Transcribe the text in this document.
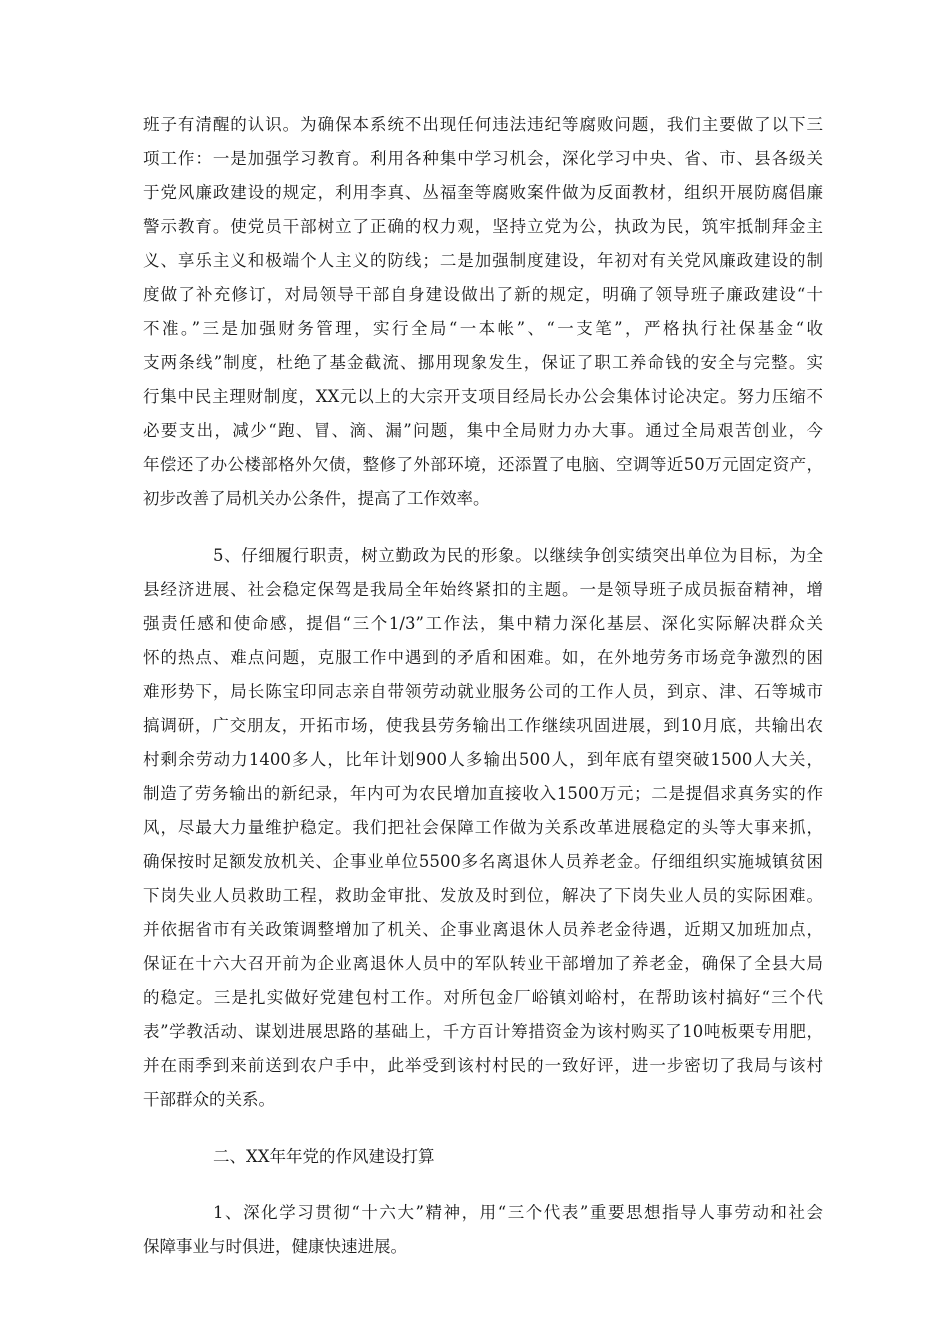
班子有清醒的认识。为确保本系统不出现任何违法违纪等腐败问题，我们主要做了以下三
项工作：一是加强学习教育。利用各种集中学习机会，深化学习中央、省、市、县各级关
于党风廉政建设的规定，利用李真、丛福奎等腐败案件做为反面教材，组织开展防腐倡廉
警示教育。使党员干部树立了正确的权力观，坚持立党为公，执政为民，筑牢抵制拜金主
义、享乐主义和极端个人主义的防线；二是加强制度建设，年初对有关党风廉政建设的制
度做了补充修订，对局领导干部自身建设做出了新的规定，明确了领导班子廉政建设“十
不准。”三是加强财务管理，实行全局“一本帐”、“一支笔”，严格执行社保基金“收
支两条线”制度，杜绝了基金截流、挪用现象发生，保证了职工养命钱的安全与完整。实
行集中民主理财制度，XX元以上的大宗开支项目经局长办公会集体讨论决定。努力压缩不
必要支出，减少“跑、冒、滴、漏”问题，集中全局财力办大事。通过全局艰苦创业，今
年偿还了办公楼部格外欠债，整修了外部环境，还添置了电脑、空调等近50万元固定资产，
初步改善了局机关办公条件，提高了工作效率。
5、仔细履行职责，树立勤政为民的形象。以继续争创实绩突出单位为目标，为全
县经济进展、社会稳定保驾是我局全年始终紧扣的主题。一是领导班子成员振奋精神，增
强责任感和使命感，提倡“三个1/3”工作法，集中精力深化基层、深化实际解决群众关
怀的热点、难点问题，克服工作中遇到的矛盾和困难。如，在外地劳务市场竞争激烈的困
难形势下，局长陈宝印同志亲自带领劳动就业服务公司的工作人员，到京、津、石等城市
搞调研，广交朋友，开拓市场，使我县劳务输出工作继续巩固进展，到10月底，共输出农
村剩余劳动力1400多人，比年计划900人多输出500人，到年底有望突破1500人大关，
制造了劳务输出的新纪录，年内可为农民增加直接收入1500万元；二是提倡求真务实的作
风，尽最大力量维护稳定。我们把社会保障工作做为关系改革进展稳定的头等大事来抓，
确保按时足额发放机关、企事业单位5500多名离退休人员养老金。仔细组织实施城镇贫困
下岗失业人员救助工程，救助金审批、发放及时到位，解决了下岗失业人员的实际困难。
并依据省市有关政策调整增加了机关、企事业离退休人员养老金待遇，近期又加班加点，
保证在十六大召开前为企业离退休人员中的军队转业干部增加了养老金，确保了全县大局
的稳定。三是扎实做好党建包村工作。对所包金厂峪镇刘峪村，在帮助该村搞好“三个代
表”学教活动、谋划进展思路的基础上，千方百计筹措资金为该村购买了10吨板栗专用肥，
并在雨季到来前送到农户手中，此举受到该村村民的一致好评，进一步密切了我局与该村
干部群众的关系。
二、XX年年党的作风建设打算
1、深化学习贯彻“十六大”精神，用“三个代表”重要思想指导人事劳动和社会
保障事业与时俱进，健康快速进展。
